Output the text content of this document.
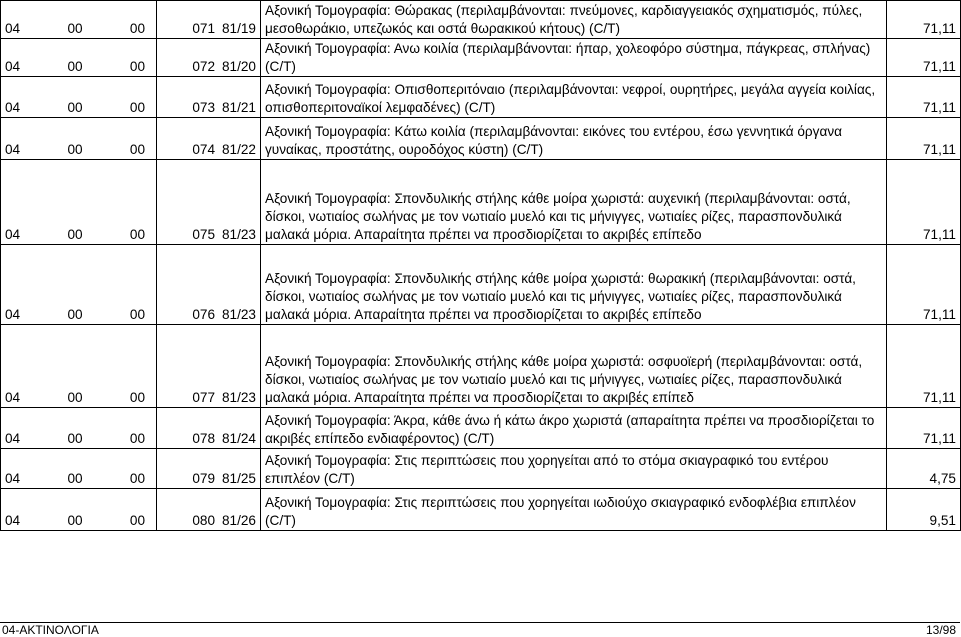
04   00   00   071	81/19	Αξονική Τομογραφία: Θώρακας (περιλαμβάνονται: πνεύμονες, καρδιαγγειακός σχηματισμός, πύλες, μεσοθωράκιο, υπεζωκός και οστά θωρακικού κήτους) (C/T)	71,11
04   00   00   072	81/20	Αξονική Τομογραφία: Ανω κοιλία (περιλαμβάνονται: ήπαρ, χολεοφόρο σύστημα, πάγκρεας, σπλήνας) (C/T)	71,11
04   00   00   073	81/21	Αξονική Τομογραφία: Οπισθοπεριτόναιο (περιλαμβάνονται: νεφροί, ουρητήρες, μεγάλα αγγεία κοιλίας, οπισθοπεριτοναϊκοί λεμφαδένες) (C/T)	71,11
04   00   00   074	81/22	Αξονική Τομογραφία: Κάτω κοιλία (περιλαμβάνονται: εικόνες του εντέρου, έσω γεννητικά όργανα γυναίκας, προστάτης, ουροδόχος κύστη) (C/T)	71,11
04   00   00   075	81/23	Αξονική Τομογραφία: Σπονδυλικής στήλης κάθε μοίρα χωριστά: αυχενική (περιλαμβάνονται: οστά, δίσκοι, νωτιαίος σωλήνας με τον νωτιαίο μυελό και τις μήνιγγες, νωτιαίες ρίζες, παρασπονδυλικά μαλακά μόρια. Απαραίτητα πρέπει να προσδιορίζεται το ακριβές επίπεδο	71,11
04   00   00   076	81/23	Αξονική Τομογραφία: Σπονδυλικής στήλης κάθε μοίρα χωριστά: θωρακική (περιλαμβάνονται: οστά, δίσκοι, νωτιαίος σωλήνας με τον νωτιαίο μυελό και τις μήνιγγες, νωτιαίες ρίζες, παρασπονδυλικά μαλακά μόρια. Απαραίτητα πρέπει να προσδιορίζεται το ακριβές επίπεδο	71,11
04   00   00   077	81/23	Αξονική Τομογραφία: Σπονδυλικής στήλης κάθε μοίρα χωριστά: οσφυοϊερή (περιλαμβάνονται: οστά, δίσκοι, νωτιαίος σωλήνας με τον νωτιαίο μυελό και τις μήνιγγες, νωτιαίες ρίζες, παρασπονδυλικά μαλακά μόρια. Απαραίτητα πρέπει να προσδιορίζεται το ακριβές επίπεδ	71,11
04   00   00   078	81/24	Αξονική Τομογραφία: Άκρα, κάθε άνω ή κάτω άκρο χωριστά (απαραίτητα πρέπει να προσδιορίζεται το ακριβές επίπεδο ενδιαφέροντος) (C/T)	71,11
04   00   00   079	81/25	Αξονική Τομογραφία: Στις περιπτώσεις που χορηγείται από το στόμα σκιαγραφικό του εντέρου επιπλέον (C/T)	4,75
04   00   00   080	81/26	Αξονική Τομογραφία: Στις περιπτώσεις που χορηγείται ιωδιούχο σκιαγραφικό ενδοφλέβια επιπλέον (C/T)	9,51
04-ΑΚΤΙΝΟΛΟΓΙΑ	13/98
